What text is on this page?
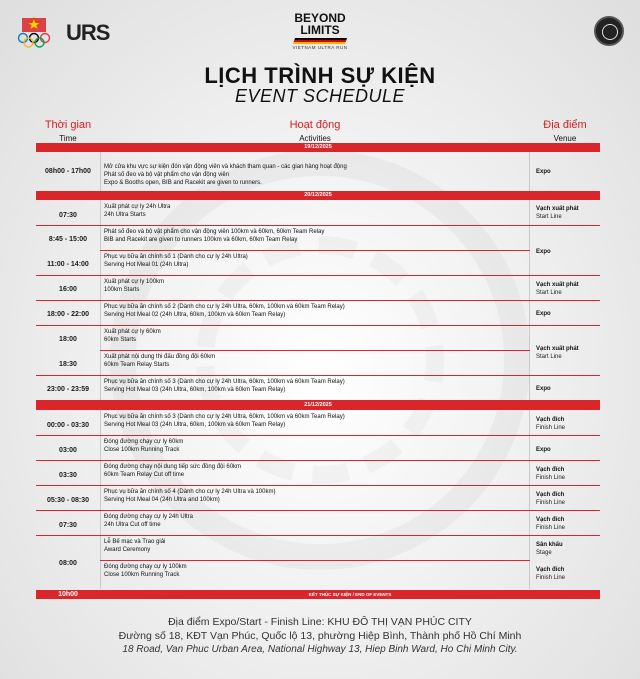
URS
BEYOND
LIMITS
VIETNAM ULTRA RUN
LỊCH TRÌNH SỰ KIỆN
EVENT SCHEDULE
Thời gian
Time
Hoạt động
Activities
Địa điểm
Venue
19/12/2025
08h00 - 17h00
Mở cửa khu vực sự kiện đón vận động viên và khách tham quan - các gian hàng hoạt động
Phát số đeo và bộ vật phẩm cho vận động viên
Expo & Booths open, BIB and Racekit are given to runners.
Expo
20/12/2025
07:30
8:45 - 15:00
11:00 - 14:00
16:00
18:00 - 22:00
18:00
18:30
23:00 - 23:59
Xuất phát cự ly 24h Ultra
24h Ultra Starts
Phát số đeo và bộ vật phẩm cho vận động viên 100km và 60km, 60km Team Relay
BIB and Racekit are given to runners 100km và 60km, 60km Team Relay
Phục vụ bữa ăn chính số 1 (Dành cho cự ly 24h Ultra)
Serving Hot Meal 01 (24h Ultra)
Xuất phát cự ly 100km
100km Starts
Phục vụ bữa ăn chính số 2 (Dành cho cự ly 24h Ultra, 60km, 100km và 60km Team Relay)
Serving Hot Meal 02 (24h Ultra, 60km, 100km và 60km Team Relay)
Xuất phát cự ly 60km
60km Starts
Xuất phát nội dung thi đấu đồng đội 60km
60km Team Relay Starts
Phục vụ bữa ăn chính số 3 (Dành cho cự ly 24h Ultra, 60km, 100km và 60km Team Relay)
Serving Hot Meal 03 (24h Ultra, 60km, 100km và 60km Team Relay)
Vạch xuất phát
Start Line
Expo
Vạch xuất phát
Start Line
Expo
Vạch xuất phát
Start Line
Expo
21/12/2025
00:00 - 03:30
03:00
03:30
05:30 - 08:30
07:30
08:00
Phục vụ bữa ăn chính số 3 (Dành cho cự ly 24h Ultra, 60km, 100km và 60km Team Relay)
Serving Hot Meal 03 (24h Ultra, 60km, 100km và 60km Team Relay)
Đóng đường chạy cự ly 60km
Close 100km Running Track
Đóng đường chạy nội dung tiếp sức đồng đội 60km
60km Team Relay Cut off time
Phục vụ bữa ăn chính số 4 (Dành cho cự ly 24h Ultra và 100km)
Serving Hot Meal 04 (24h Ultra and 100km)
Đóng đường chạy cự ly 24h Ultra
24h Ultra Cut off time
Lễ Bế mạc và Trao giải
Award Ceremony
Đóng đường chạy cự ly 100km
Close 100km Running Track
Vạch đích
Finish Line
Expo
Vạch đích
Finish Line
Vạch đích
Finish Line
Vạch đích
Finish Line
Sân khấu
Stage
Vạch đích
Finish Line
10h00	KẾT THÚC SỰ KIỆN / END OF EVENTS
Địa điểm Expo/Start - Finish Line: KHU ĐÔ THỊ VẠN PHÚC CITY
Đường số 18, KĐT Vạn Phúc, Quốc lộ 13, phường Hiệp Bình, Thành phố Hồ Chí Minh
18 Road, Van Phuc Urban Area, National Highway 13, Hiep Binh Ward, Ho Chi Minh City.
